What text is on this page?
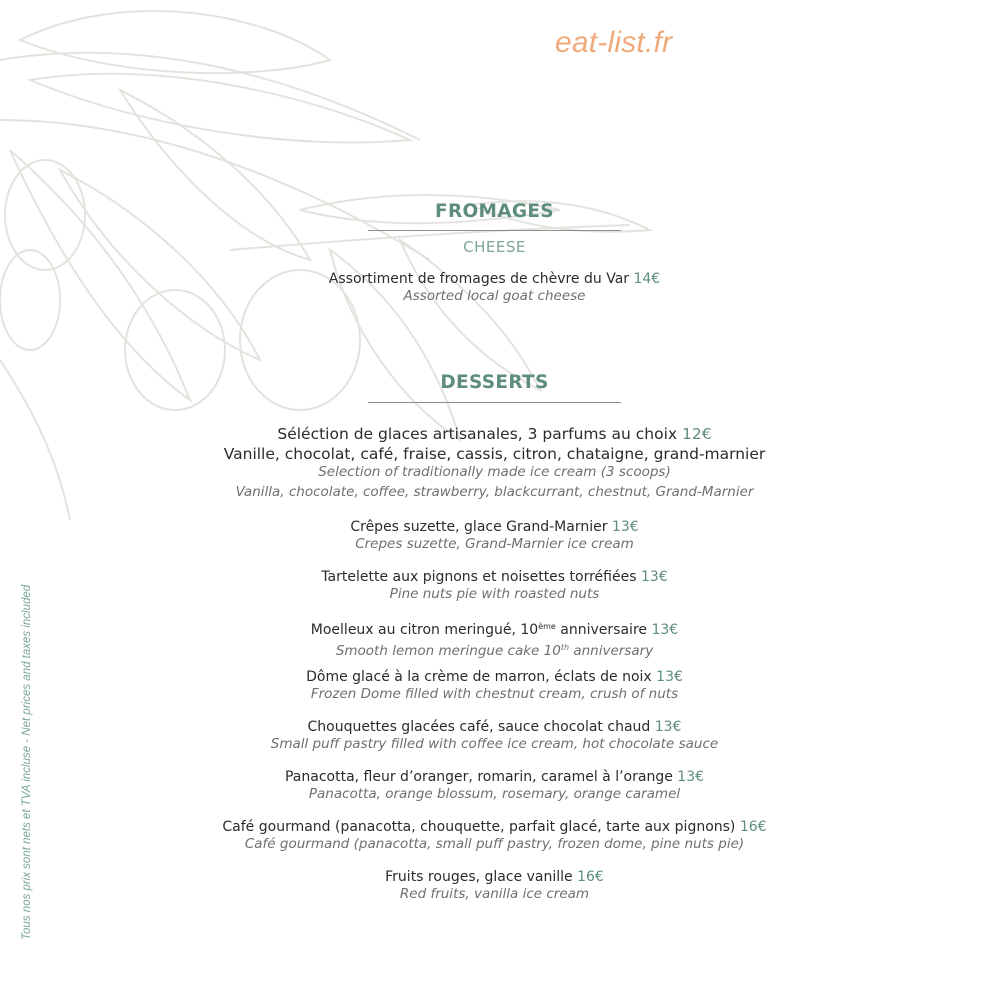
eat-list.fr
Tous nos prix sont nets et TVA incluse - Net prices and taxes included
FROMAGES
CHEESE
Assortiment de fromages de chèvre du Var 14€
Assorted local goat cheese
DESSERTS
Séléction de glaces artisanales, 3 parfums au choix 12€
Vanille, chocolat, café, fraise, cassis, citron, chataigne, grand-marnier
Selection of traditionally made ice cream (3 scoops)
Vanilla, chocolate, coffee, strawberry, blackcurrant, chestnut, Grand-Marnier
Crêpes suzette, glace Grand-Marnier 13€
Crepes suzette, Grand-Marnier ice cream
Tartelette aux pignons et noisettes torréfiées 13€
Pine nuts pie with roasted nuts
Moelleux au citron meringué, 10ème anniversaire 13€
Smooth lemon meringue cake 10th anniversary
Dôme glacé à la crème de marron, éclats de noix 13€
Frozen Dome filled with chestnut cream, crush of nuts
Chouquettes glacées café, sauce chocolat chaud 13€
Small puff pastry filled with coffee ice cream, hot chocolate sauce
Panacotta, fleur d’oranger, romarin, caramel à l’orange 13€
Panacotta, orange blossum, rosemary, orange caramel
Café gourmand (panacotta, chouquette, parfait glacé, tarte aux pignons) 16€
Café gourmand (panacotta, small puff pastry, frozen dome, pine nuts pie)
Fruits rouges, glace vanille 16€
Red fruits, vanilla ice cream
